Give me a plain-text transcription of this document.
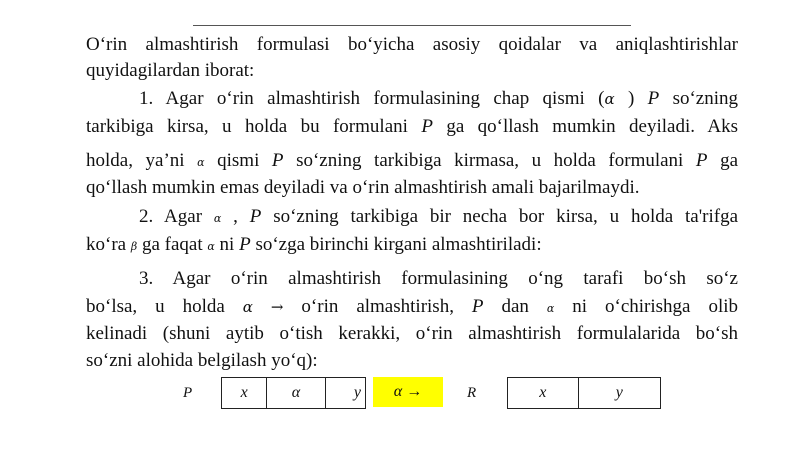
O‘rin almashtirish formulasi bo‘yicha asosiy qoidalar va aniqlashtirishlar
quyidagilardan iborat:
1. Agar o‘rin almashtirish formulasining chap qismi (α ) P so‘zning
tarkibiga kirsa, u holda bu formulani P ga qo‘llash mumkin deyiladi. Aks
holda, ya’ni α qismi P so‘zning tarkibiga kirmasa, u holda formulani P ga
qo‘llash mumkin emas deyiladi va o‘rin almashtirish amali bajarilmaydi.
2. Agar α , P so‘zning tarkibiga bir necha bor kirsa, u holda ta'rifga
ko‘ra β ga faqat α ni P so‘zga birinchi kirgani almashtiriladi:
3. Agar o‘rin almashtirish formulasining o‘ng tarafi bo‘sh so‘z
bo‘lsa, u holda α → o‘rin almashtirish, P dan α ni o‘chirishga olib
kelinadi (shuni aytib o‘tish kerakki, o‘rin almashtirish formulalarida bo‘sh
so‘zni alohida belgilash yo‘q):
P	x	α	y	α →	R	x	y
